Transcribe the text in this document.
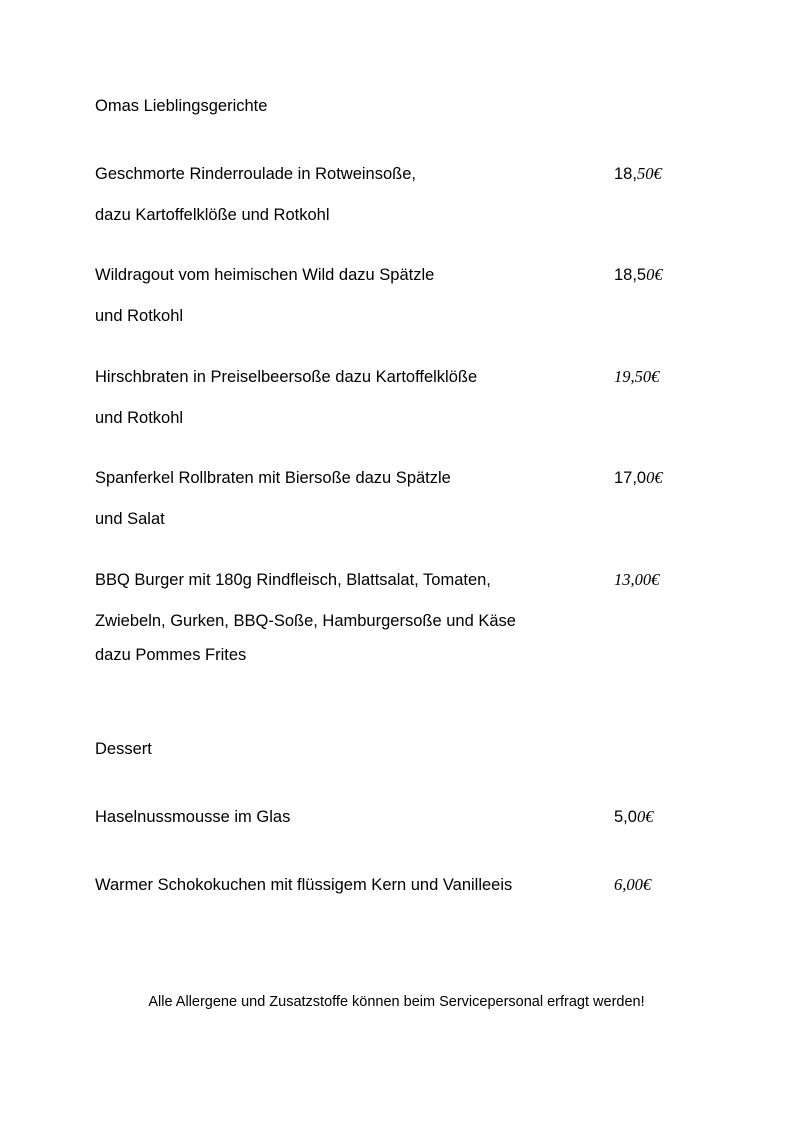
Omas Lieblingsgerichte
Geschmorte Rinderroulade in Rotweinsoße,
dazu Kartoffelklöße und Rotkohl
18,50€
Wildragout vom heimischen Wild dazu Spätzle
und Rotkohl
18,50€
Hirschbraten in Preiselbeersoße dazu Kartoffelklöße
und Rotkohl
19,50€
Spanferkel Rollbraten mit Biersoße dazu Spätzle
und Salat
17,00€
BBQ Burger mit 180g Rindfleisch, Blattsalat, Tomaten,
Zwiebeln, Gurken, BBQ-Soße, Hamburgersoße und Käse
dazu Pommes Frites
13,00€
Dessert
Haselnussmousse im Glas	5,00€
Warmer Schokokuchen mit flüssigem Kern und Vanilleeis	6,00€
Alle Allergene und Zusatzstoffe können beim Servicepersonal erfragt werden!
